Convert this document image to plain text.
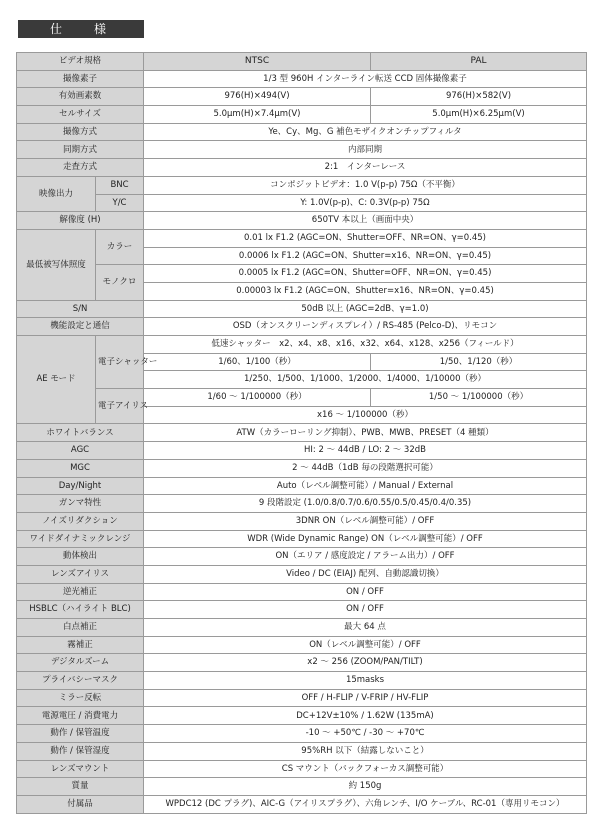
仕　様
ビデオ規格		NTSC	PAL
撮像素子		1/3 型 960H インターライン転送 CCD 固体撮像素子	
有効画素数		976(H)×494(V)	976(H)×582(V)
セルサイズ		5.0μm(H)×7.4μm(V)	5.0μm(H)×6.25μm(V)
撮像方式		Ye、Cy、Mg、G 補色モザイクオンチップフィルタ	
同期方式		内部同期	
走査方式		2:1　インターレース	
映像出力	BNC	コンポジットビデオ：1.0 V(p-p) 75Ω（不平衡）	
	Y/C	Y: 1.0V(p-p)、C: 0.3V(p-p) 75Ω	
解像度 (H)		650TV 本以上（画面中央）	
最低被写体照度	カラー	0.01 lx F1.2 (AGC=ON、Shutter=OFF、NR=ON、γ=0.45)	
		0.0006 lx F1.2 (AGC=ON、Shutter=x16、NR=ON、γ=0.45)	
	モノクロ	0.0005 lx F1.2 (AGC=ON、Shutter=OFF、NR=ON、γ=0.45)	
		0.00003 lx F1.2 (AGC=ON、Shutter=x16、NR=ON、γ=0.45)	
S/N		50dB 以上 (AGC=2dB、γ=1.0)	
機能設定と通信		OSD（オンスクリーンディスプレイ）/ RS-485 (Pelco-D)、リモコン	
AE モード	電子シャッター	低速シャッター　x2、x4、x8、x16、x32、x64、x128、x256（フィールド）	
		1/60、1/100（秒）	1/50、1/120（秒）
		1/250、1/500、1/1000、1/2000、1/4000、1/10000（秒）	
	電子アイリス	1/60 〜 1/100000（秒）	1/50 〜 1/100000（秒）
		x16 〜 1/100000（秒）	
ホワイトバランス		ATW（カラーローリング抑制）、PWB、MWB、PRESET（4 種類）	
AGC		HI: 2 〜 44dB / LO: 2 〜 32dB	
MGC		2 〜 44dB（1dB 毎の段階選択可能）	
Day/Night		Auto（レベル調整可能）/ Manual / External	
ガンマ特性		9 段階設定 (1.0/0.8/0.7/0.6/0.55/0.5/0.45/0.4/0.35)	
ノイズリダクション		3DNR ON（レベル調整可能）/ OFF	
ワイドダイナミックレンジ		WDR (Wide Dynamic Range) ON（レベル調整可能）/ OFF	
動体検出		ON（エリア / 感度設定 / アラーム出力）/ OFF	
レンズアイリス		Video / DC (EIAJ) 配列、自動認識切換）	
逆光補正		ON / OFF	
HSBLC（ハイライト BLC)		ON / OFF	
白点補正		最大 64 点	
霧補正		ON（レベル調整可能）/ OFF	
デジタルズーム		x2 〜 256 (ZOOM/PAN/TILT)	
プライバシーマスク		15masks	
ミラー反転		OFF / H-FLIP / V-FRIP / HV-FLIP	
電源電圧 / 消費電力		DC+12V±10% / 1.62W (135mA)	
動作 / 保管温度		-10 〜 +50℃ / -30 〜 +70℃	
動作 / 保管湿度		95%RH 以下（結露しないこと）	
レンズマウント		CS マウント（バックフォーカス調整可能）	
質量		約 150g	
付属品		WPDC12 (DC プラグ)、AIC-G（アイリスプラグ）、六角レンチ、I/O ケーブル、RC-01（専用リモコン）	
